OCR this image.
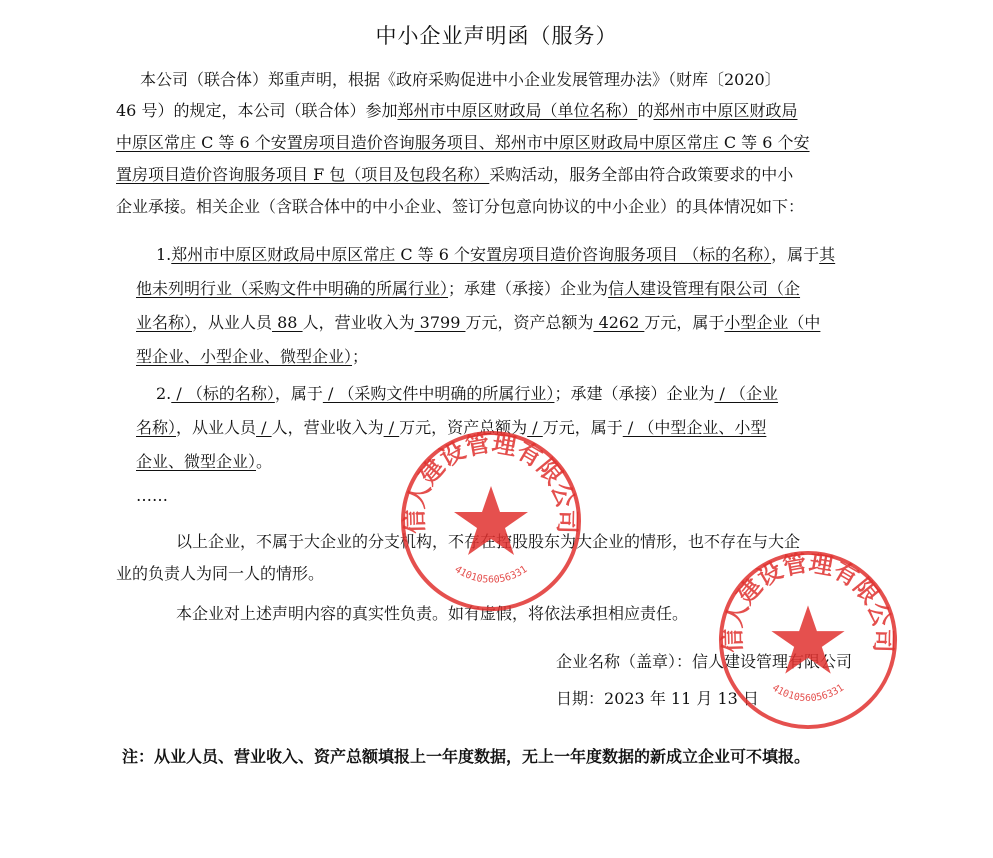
中小企业声明函（服务）
本公司（联合体）郑重声明，根据《政府采购促进中小企业发展管理办法》（财库〔2020〕
46 号）的规定，本公司（联合体）参加郑州市中原区财政局（单位名称）的郑州市中原区财政局
中原区常庄 C 等 6 个安置房项目造价咨询服务项目、郑州市中原区财政局中原区常庄 C 等 6 个安
置房项目造价咨询服务项目 F 包（项目及包段名称）采购活动，服务全部由符合政策要求的中小
企业承接。相关企业（含联合体中的中小企业、签订分包意向协议的中小企业）的具体情况如下：
1.郑州市中原区财政局中原区常庄 C 等 6 个安置房项目造价咨询服务项目 （标的名称），属于其
他未列明行业（采购文件中明确的所属行业）；承建（承接）企业为信人建设管理有限公司（企
业名称），从业人员 88 人，营业收入为 3799 万元，资产总额为 4262 万元，属于小型企业（中
型企业、小型企业、微型企业）；
2. / （标的名称），属于 / （采购文件中明确的所属行业）；承建（承接）企业为 / （企业
名称），从业人员 / 人，营业收入为 / 万元，资产总额为 / 万元，属于 / （中型企业、小型
企业、微型企业）。
……
以上企业，不属于大企业的分支机构，不存在控股股东为大企业的情形，也不存在与大企
业的负责人为同一人的情形。
本企业对上述声明内容的真实性负责。如有虚假，将依法承担相应责任。
企业名称（盖章）：信人建设管理有限公司
日期：2023 年 11 月 13 日
注：从业人员、营业收入、资产总额填报上一年度数据，无上一年度数据的新成立企业可不填报。
信人建设管理有限公司
4101056056331
信人建设管理有限公司
4101056056331
